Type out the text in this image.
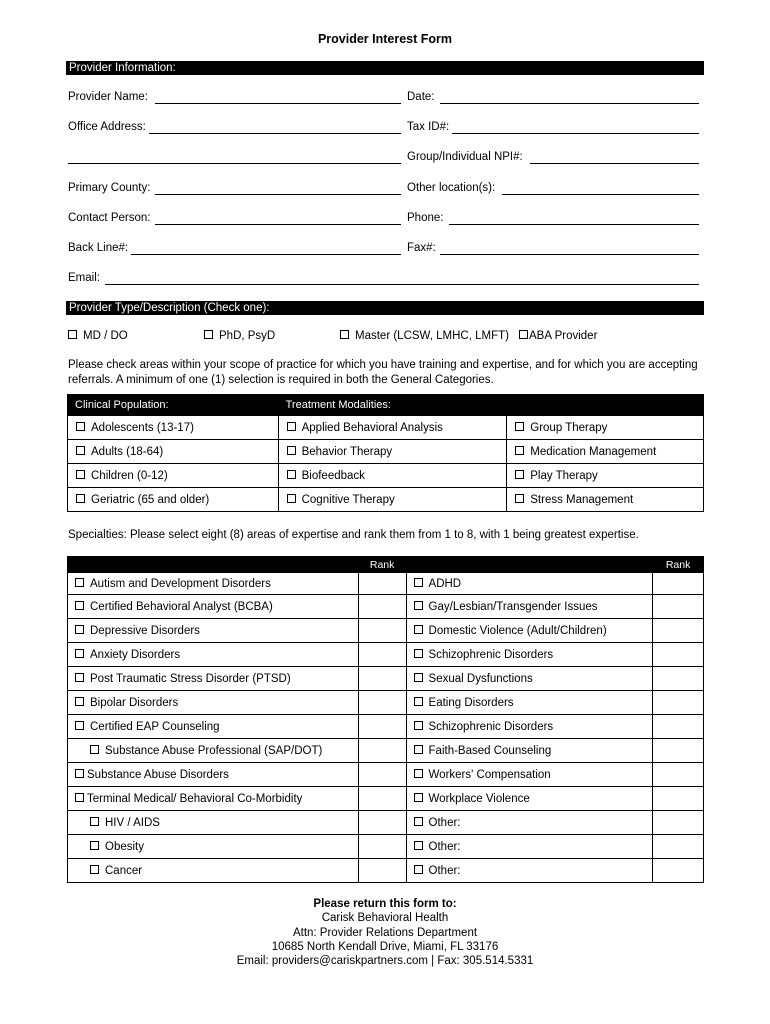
Provider Interest Form
Provider Information:
Provider Name:	Date:
Office Address:	Tax ID#:
Group/Individual NPI#:
Primary County:	Other location(s):
Contact Person:	Phone:
Back Line#:	Fax#:
Email:
Provider Type/Description (Check one):
MD / DO	PhD, PsyD	Master (LCSW, LMHC, LMFT)	ABA Provider
Please check areas within your scope of practice for which you have training and expertise, and for which you are accepting referrals. A minimum of one (1) selection is required in both the General Categories.
Clinical Population:	Treatment Modalities:	
Adolescents (13-17)	Applied Behavioral Analysis	Group Therapy
Adults (18-64)	Behavior Therapy	Medication Management
Children (0-12)	Biofeedback	Play Therapy
Geriatric (65 and older)	Cognitive Therapy	Stress Management
Specialties: Please select eight (8) areas of expertise and rank them from 1 to 8, with 1 being greatest expertise.
	Rank		Rank
Autism and Development Disorders		ADHD	
Certified Behavioral Analyst (BCBA)		Gay/Lesbian/Transgender Issues	
Depressive Disorders		Domestic Violence (Adult/Children)	
Anxiety Disorders		Schizophrenic Disorders	
Post Traumatic Stress Disorder (PTSD)		Sexual Dysfunctions	
Bipolar Disorders		Eating Disorders	
Certified EAP Counseling		Schizophrenic Disorders	
Substance Abuse Professional (SAP/DOT)		Faith-Based Counseling	
Substance Abuse Disorders		Workers' Compensation	
Terminal Medical/ Behavioral Co-Morbidity		Workplace Violence	
HIV / AIDS		Other:	
Obesity		Other:	
Cancer		Other:	
Please return this form to:
Carisk Behavioral Health
Attn: Provider Relations Department
10685 North Kendall Drive, Miami, FL 33176
Email: providers@cariskpartners.com | Fax: 305.514.5331
